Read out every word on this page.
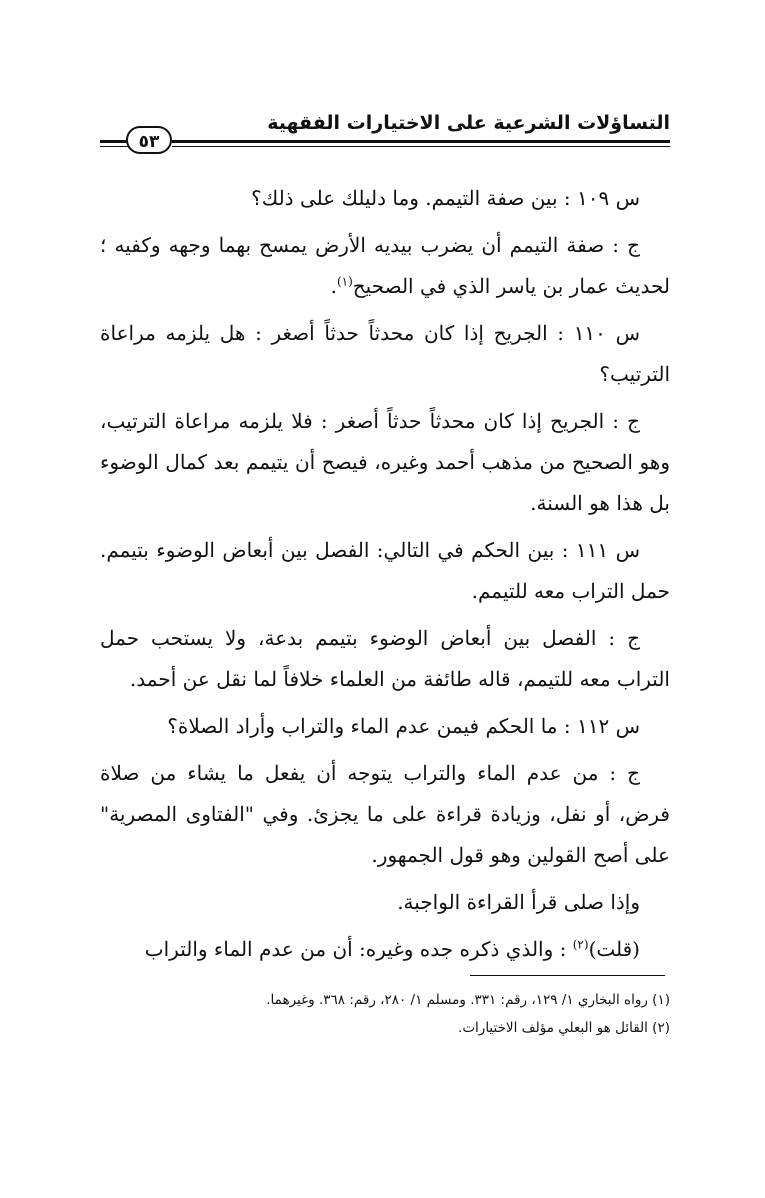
التساؤلات الشرعية على الاختيارات الفقهية
٥٣

س ١٠٩ : بين صفة التيمم. وما دليلك على ذلك؟

ج : صفة التيمم أن يضرب بيديه الأرض يمسح بهما وجهه وكفيه ؛ لحديث عمار بن ياسر الذي في الصحيح$^{(١)}$.

س ١١٠ : الجريح إذا كان محدثاً حدثاً أصغر : هل يلزمه مراعاة الترتيب؟

ج : الجريح إذا كان محدثاً حدثاً أصغر : فلا يلزمه مراعاة الترتيب، وهو الصحيح من مذهب أحمد وغيره، فيصح أن يتيمم بعد كمال الوضوء بل هذا هو السنة.

س ١١١ : بين الحكم في التالي: الفصل بين أبعاض الوضوء بتيمم. حمل التراب معه للتيمم.

ج : الفصل بين أبعاض الوضوء بتيمم بدعة، ولا يستحب حمل التراب معه للتيمم، قاله طائفة من العلماء خلافاً لما نقل عن أحمد.

س ١١٢ : ما الحكم فيمن عدم الماء والتراب وأراد الصلاة؟

ج : من عدم الماء والتراب يتوجه أن يفعل ما يشاء من صلاة فرض، أو نفل، وزيادة قراءة على ما يجزئ. وفي "الفتاوى المصرية" على أصح القولين وهو قول الجمهور.

وإذا صلى قرأ القراءة الواجبة.

(قلت)$^{(٢)}$ : والذي ذكره جده وغيره: أن من عدم الماء والتراب

(١) رواه البخاري ١/ ١٢٩، رقم: ٣٣١. ومسلم ١/ ٢٨٠، رقم: ٣٦٨. وغيرهما.

(٢) القائل هو البعلي مؤلف الاختيارات.
